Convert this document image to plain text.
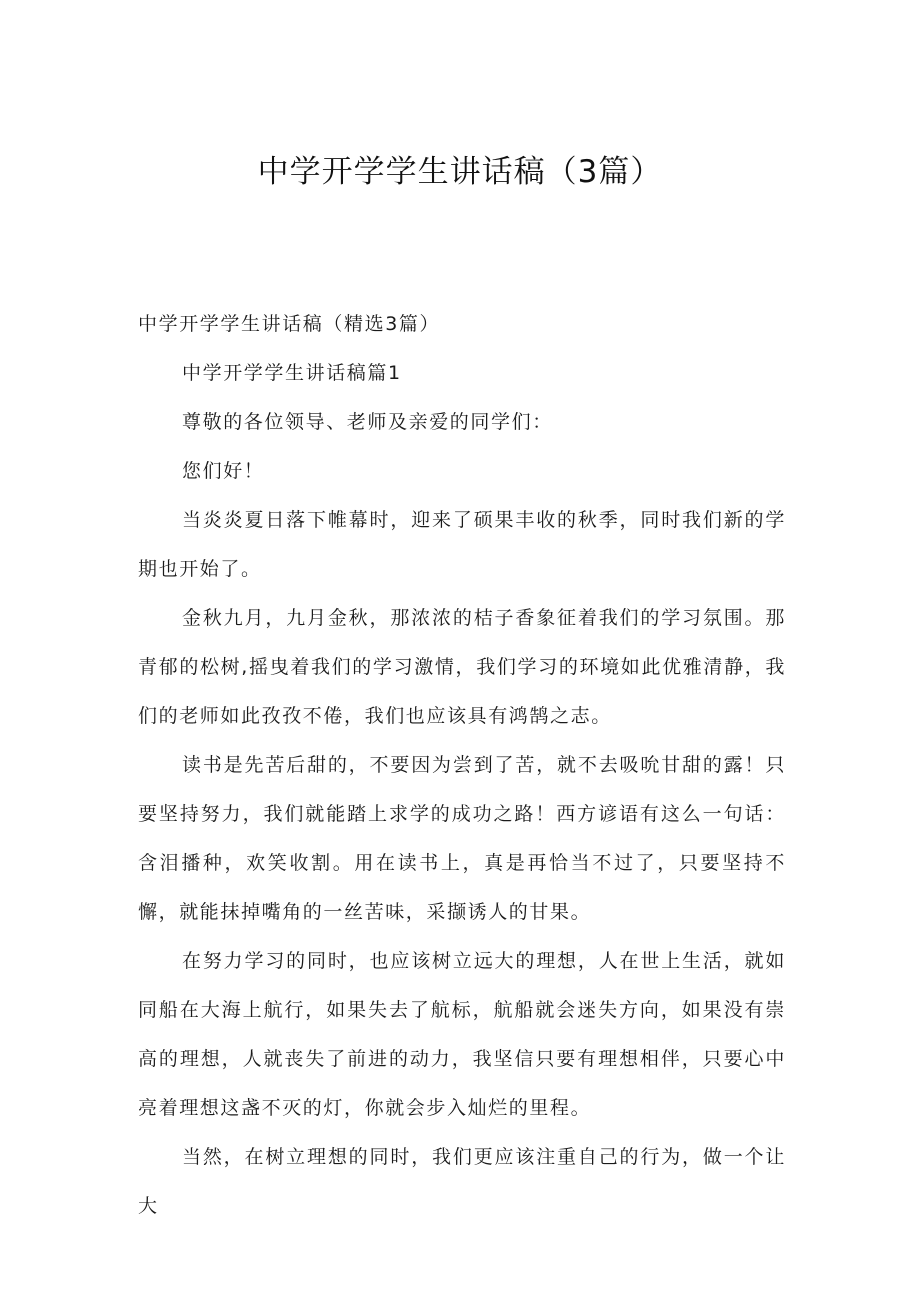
中学开学学生讲话稿（3篇）

中学开学学生讲话稿（精选3篇）

中学开学学生讲话稿篇1

尊敬的各位领导、老师及亲爱的同学们：

您们好！

当炎炎夏日落下帷幕时，迎来了硕果丰收的秋季，同时我们新的学期也开始了。

金秋九月，九月金秋，那浓浓的桔子香象征着我们的学习氛围。那青郁的松树,摇曳着我们的学习激情，我们学习的环境如此优雅清静，我们的老师如此孜孜不倦，我们也应该具有鸿鹄之志。

读书是先苦后甜的，不要因为尝到了苦，就不去吸吮甘甜的露！只要坚持努力，我们就能踏上求学的成功之路！西方谚语有这么一句话：含泪播种，欢笑收割。用在读书上，真是再恰当不过了，只要坚持不懈，就能抹掉嘴角的一丝苦味，采撷诱人的甘果。

在努力学习的同时，也应该树立远大的理想，人在世上生活，就如同船在大海上航行，如果失去了航标，航船就会迷失方向，如果没有崇高的理想，人就丧失了前进的动力，我坚信只要有理想相伴，只要心中亮着理想这盏不灭的灯，你就会步入灿烂的里程。

当然，在树立理想的同时，我们更应该注重自己的行为，做一个让大
